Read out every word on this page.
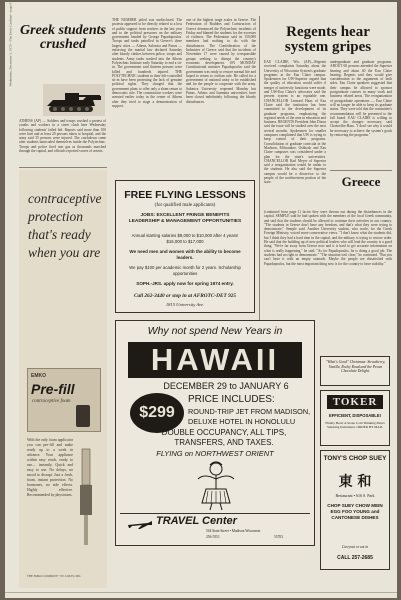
Wednesday, December 5, 1973—The Daily Cardinal—page 9 Greek students crushed
ATHENS (AP) — Soldiers and troops crushed a protest of youths and workers in a street clash here Wednesday following students' failed bid. Reports said more than 100 were hurt and at least 20 persons taken to hospital, and the army said 35 persons were injured. The crackdown came after students barricaded themselves inside the Polytechnic. Troops and police fired tear gas as thousands marched through the capital, and officials reported scores of arrests.
contraceptive protection that's ready when you are
EMKO
Pre-fill
contraceptive foam
With the only foam applicator you can pre-fill and make ready up to a week in advance. Your appliance within easy reach, ready to use.... instantly. Quick and easy to use. No delays, no mood to disrupt. Just a fresh, foam, instant protection. No hormones, no side effects. Highly effective. Recommended by physicians.
THE EMKO COMPANY • ST. LOUIS, MO.
THE NUMBER jailed was undisclosed. The protests appeared to be directly related to a loss of public support from workers in the last year and to the political pressures on the military government headed by George Papadopoulos. Troops and tanks patrolled in Greece's three largest cities — Athens, Salonica and Patras — enforcing the martial law declared Saturday after bloody clashes between police, troops and students. Army tanks crashed into the Athens Polytechnic Institute early Saturday to end a sit-in. The government said thirteen persons were killed and hundreds injured. THE POLYTECHNIC students in their left-controlled sit-in have been protesting the lack of genuine political rights. They charged that the government plans to offer only a sham return to democratic rule. The construction workers were arrested earlier today in the center of Athens after they tried to stage a demonstration of support.
one of the highest wage scales in Greece. The Federation of Builders and Constructors of Greece denounced the Polytechnic incidents of Friday and blamed the students for the excesses of violence. The Federation said its 150,000 members had nothing to do with the disturbances. The Confederation of the Industries of Greece said that the incidents of November 17 were caused by irresponsible groups seeking to disrupt the country's economic development. ON MONDAY Constitutional minister Papadopoulos said the government was ready to restore normal life and hoped to return to civilian rule. He called for a government of national unity to be established and for the people to cooperate with the army. Salonica University reopened Monday but Patras, Athens and Ioannina universities have been closed indefinitely following the bloody disturbances.
FREE FLYING LESSONS
(for qualified male applicants)
JOBS: EXCELLENT FRINGE BENEFITS LEADERSHIP & MANAGEMENT OPPORTUNITIES
Annual starting salaries $9,000 to $10,000 after 4 years! $16,000 to $17,000
We need men and women with the ability to become leaders.
We pay $100 per academic month for 2 years. Scholarship opportunities
SOPH.-JRS. apply now for spring 1974 entry.
Call 262-3440 or stop in at AFROTC-DET 925
1815 University Ave.
Why not spend New Years in
HAWAII
DECEMBER 29 to JANUARY 6
$299
PRICE INCLUDES:
ROUND-TRIP JET FROM MADISON,
DELUXE HOTEL IN HONOLULU
DOUBLE OCCUPANCY, ALL TIPS,
TRANSFERS, AND TAXES.
FLYING on NORTHWEST ORIENT
TRAVEL Center
544 State Street • Madison Wisconsin
256-5551	53703
Regents hear system gripes
EAU CLAIRE, Wis. (AP)—Regents received complaints Saturday about the University of Wisconsin System's graduate programs at the Eau Claire campus. Spokesmen for UW-Superior argued that the quality of education would suffer if merger of university functions were made, and UW-Eau Claire's advocates said the present system is an equitable one. CHANCELLOR Leonard Haas of Eau Claire said the institution has been committed to the development of its graduate programs, emphasizing the regional needs of the area in education and business. REGENTS President John Dixon said the issue will be studied over the next several months. Spokesmen for smaller campuses complained that UW is trying to keep control of their programs. Consolidation of graduate curricula in the Madison, Milwaukee, Oshkosh and Eau Claire campuses was considered under a plan for the state's universities. CHANCELLOR Karl Meyer of Superior said a reorganization would be unfair to the students. He also said the Superior campus would be a disservice to the people of the northwestern portion of the state.
undergraduate and graduate programs. ABOUT 60 persons attended the Superior hearing and about 40 the Eau Claire hearing. Regents said they would give consideration to the arguments of both sides. Eau Claire speakers suggested that their campus be allowed to sponsor postgraduate courses in many work and business related areas. The reorganization of postgraduate operations — Eau Claire will no longer be able to keep its graduate status. They were told that the committee's recommendation will be presented to the full board. EAU CLAIRE is willing to accept the changes necessary, said Chancellor Haas. "I don't see why it would be necessary to achieve the system's goals by removing the programs."
Greece
(continued from page 1) factor they were thrown out during the disturbances in the capital. SEMPLE said he had spoken with the members of the local Greek community, and said that the students should be allowed to continue their activities in our country. "The students in Greece don't have any freedom, and that's what they were trying to demonstrate," Semple said. Another University student, who works for the Greek Foreign Ministry, voiced more conservative views. "I don't know what the students did, but I think they had a hard time in the capital, and the military is trying to restore order. He said that the building up of new political leaders who will lead the country is a good thing. "We're far away from Greece now and it is hard to get accurate information on what is really happening," he said. "As for Papadopoulos, he is doing a good job. The students had no right to demonstrate." "The situation isn't clear," he continued. "But you can't have it with an empty stomach. Maybe the people are dissatisfied with Papadopoulos, but the most important thing now is for the country to have stability."
"What's Good" Christmas: Strawberry, Vanilla, Rocky Road and the Pecan Chocolate Delight.
TOKER
EFFICIENT, DISPOSABLE!
Finally Here! A Stone Cold Thinking Man's Smoking Instrument. ORDER BY MAIL
TONY'S CHOP SUEY
東 和
Restaurant • 616 S. Park
CHOP SUEY CHOW MEIN EGG FOO YOUNG and CANTONESE DISHES
Carryout or eat in
CALL 257-2685
